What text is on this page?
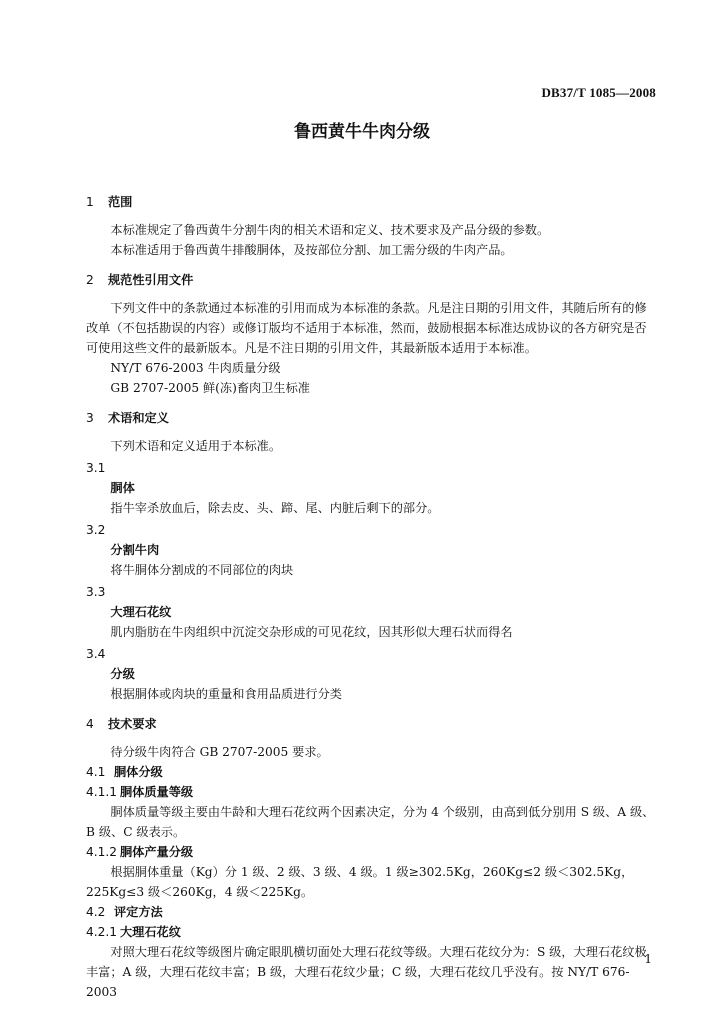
DB37/T 1085—2008
鲁西黄牛牛肉分级
1 范围

本标准规定了鲁西黄牛分割牛肉的相关术语和定义、技术要求及产品分级的参数。

本标准适用于鲁西黄牛排酸胴体，及按部位分割、加工需分级的牛肉产品。

2 规范性引用文件

下列文件中的条款通过本标准的引用而成为本标准的条款。凡是注日期的引用文件，其随后所有的修改单（不包括勘误的内容）或修订版均不适用于本标准，然而，鼓励根据本标准达成协议的各方研究是否可使用这些文件的最新版本。凡是不注日期的引用文件，其最新版本适用于本标准。

NY/T 676-2003 牛肉质量分级

GB 2707-2005 鲜(冻)畜肉卫生标准

3 术语和定义

下列术语和定义适用于本标准。

3.1
胴体

指牛宰杀放血后，除去皮、头、蹄、尾、内脏后剩下的部分。

3.2
分割牛肉

将牛胴体分割成的不同部位的肉块

3.3
大理石花纹

肌内脂肪在牛肉组织中沉淀交杂形成的可见花纹，因其形似大理石状而得名

3.4
分级

根据胴体或肉块的重量和食用品质进行分类

4 技术要求

待分级牛肉符合 GB 2707-2005 要求。

4.1 胴体分级
4.1.1 胴体质量等级

胴体质量等级主要由牛龄和大理石花纹两个因素决定，分为 4 个级别，由高到低分别用 S 级、A 级、B 级、C 级表示。

4.1.2 胴体产量分级

根据胴体重量（Kg）分 1 级、2 级、3 级、4 级。1 级≥302.5Kg，260Kg≤2 级＜302.5Kg，225Kg≤3 级＜260Kg，4 级＜225Kg。

4.2 评定方法
4.2.1 大理石花纹

对照大理石花纹等级图片确定眼肌横切面处大理石花纹等级。大理石花纹分为：S 级，大理石花纹极丰富；A 级，大理石花纹丰富；B 级，大理石花纹少量；C 级，大理石花纹几乎没有。按 NY/T 676-2003

1
